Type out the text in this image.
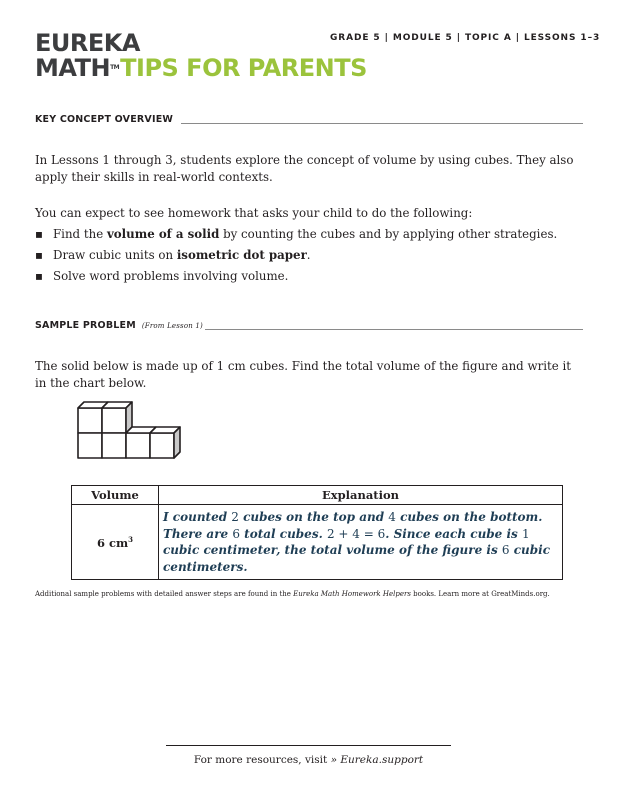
GRADE 5 | MODULE 5 | TOPIC A | LESSONS 1–3
EUREKA
MATH™TIPS FOR PARENTS
KEY CONCEPT OVERVIEW
In Lessons 1 through 3, students explore the concept of volume by using cubes. They also apply their skills in real-world contexts.
You can expect to see homework that asks your child to do the following:
▪ Find the volume of a solid by counting the cubes and by applying other strategies.
▪ Draw cubic units on isometric dot paper.
▪ Solve word problems involving volume.
SAMPLE PROBLEM (From Lesson 1)
The solid below is made up of 1 cm cubes. Find the total volume of the figure and write it in the chart below.
Volume	Explanation
6 $cm^3$	I counted 2 cubes on the top and 4 cubes on the bottom. There are 6 total cubes. 2 + 4 = 6. Since each cube is 1 cubic centimeter, the total volume of the figure is 6 cubic centimeters.
Additional sample problems with detailed answer steps are found in the Eureka Math Homework Helpers books. Learn more at GreatMinds.org.
For more resources, visit » Eureka.support
